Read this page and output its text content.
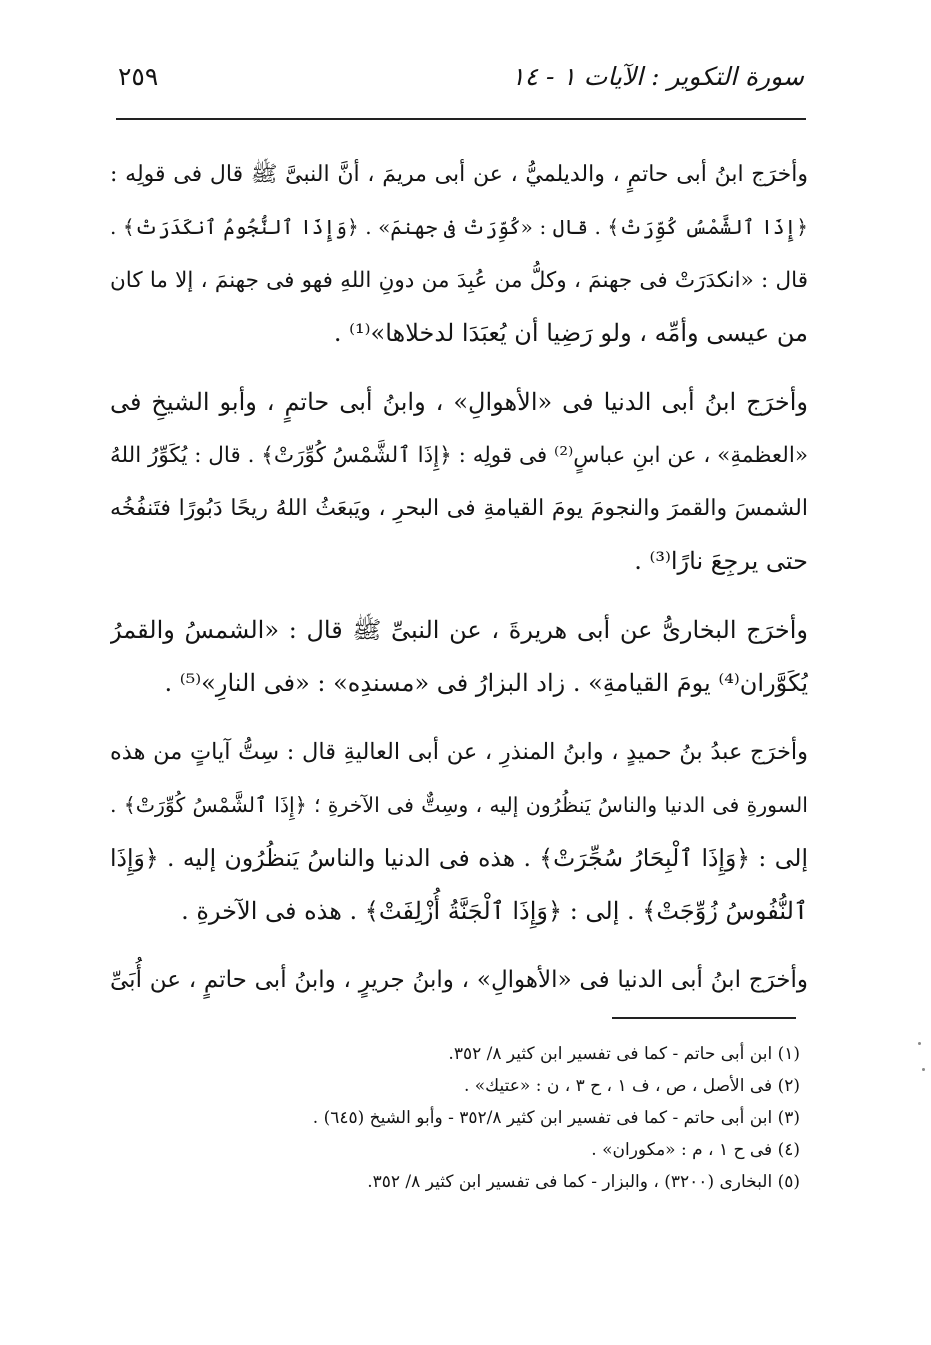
سورة التكوير : الآيات ١ - ١٤
٢٥٩
وأخرَج ابنُ أبى حاتمٍ ، والديلميُّ ، عن أبى مريمَ ، أنَّ النبىَّ ﷺ قال فى قولِه :
﴿إِذَا ٱلشَّمْسُ كُوِّرَتْ﴾ . قال : «كُوِّرَتْ فى جهنمَ» . ﴿وَإِذَا ٱلنُّجُومُ ٱنكَدَرَتْ﴾ .
قال : «انكدَرَتْ فى جهنمَ ، وكلُّ من عُبِدَ من دونِ اللهِ فهو فى جهنمَ ، إلا ما كان
من عيسى وأمِّه ، ولو رَضِيا أن يُعبَدَا لدخلاها»⁽¹⁾ .
وأخرَج ابنُ أبى الدنيا فى «الأهوالِ» ، وابنُ أبى حاتمٍ ، وأبو الشيخِ فى
«العظمةِ» ، عن ابنِ عباسٍ⁽²⁾ فى قولِه : ﴿إِذَا ٱلشَّمْسُ كُوِّرَتْ﴾ . قال : يُكَوِّرُ اللهُ
الشمسَ والقمرَ والنجومَ يومَ القيامةِ فى البحرِ ، ويَبعَثُ اللهُ ريحًا دَبُورًا فتَنفُخُه
حتى يرجِعَ نارًا⁽³⁾ .
وأخرَج البخارىُّ عن أبى هريرةَ ، عن النبىِّ ﷺ قال : «الشمسُ والقمرُ
يُكَوَّران⁽⁴⁾ يومَ القيامةِ» . زاد البزارُ فى «مسندِه» : «فى النارِ»⁽⁵⁾ .
وأخرَج عبدُ بنُ حميدٍ ، وابنُ المنذرِ ، عن أبى العاليةِ قال : سِتُّ آياتٍ من هذه
السورةِ فى الدنيا والناسُ يَنظُرُون إليه ، وسِتٌّ فى الآخرةِ ؛ ﴿إِذَا ٱلشَّمْسُ كُوِّرَتْ﴾ .
إلى : ﴿وَإِذَا ٱلْبِحَارُ سُجِّرَتْ﴾ . هذه فى الدنيا والناسُ يَنظُرُون إليه . ﴿وَإِذَا
ٱلنُّفُوسُ زُوِّجَتْ﴾ . إلى : ﴿وَإِذَا ٱلْجَنَّةُ أُزْلِفَتْ﴾ . هذه فى الآخرةِ .
وأخرَج ابنُ أبى الدنيا فى «الأهوالِ» ، وابنُ جريرٍ ، وابنُ أبى حاتمٍ ، عن أُبَىِّ
(١) ابن أبى حاتم - كما فى تفسير ابن كثير ٨/ ٣٥٢.
(٢) فى الأصل ، ص ، ف ١ ، ح ٣ ، ن : «عتيك» .
(٣) ابن أبى حاتم - كما فى تفسير ابن كثير ٣٥٢/٨ - وأبو الشيخ (٦٤٥) .
(٤) فى ح ١ ، م : «مكوران» .
(٥) البخارى (٣٢٠٠) ، والبزار - كما فى تفسير ابن كثير ٨/ ٣٥٢.
